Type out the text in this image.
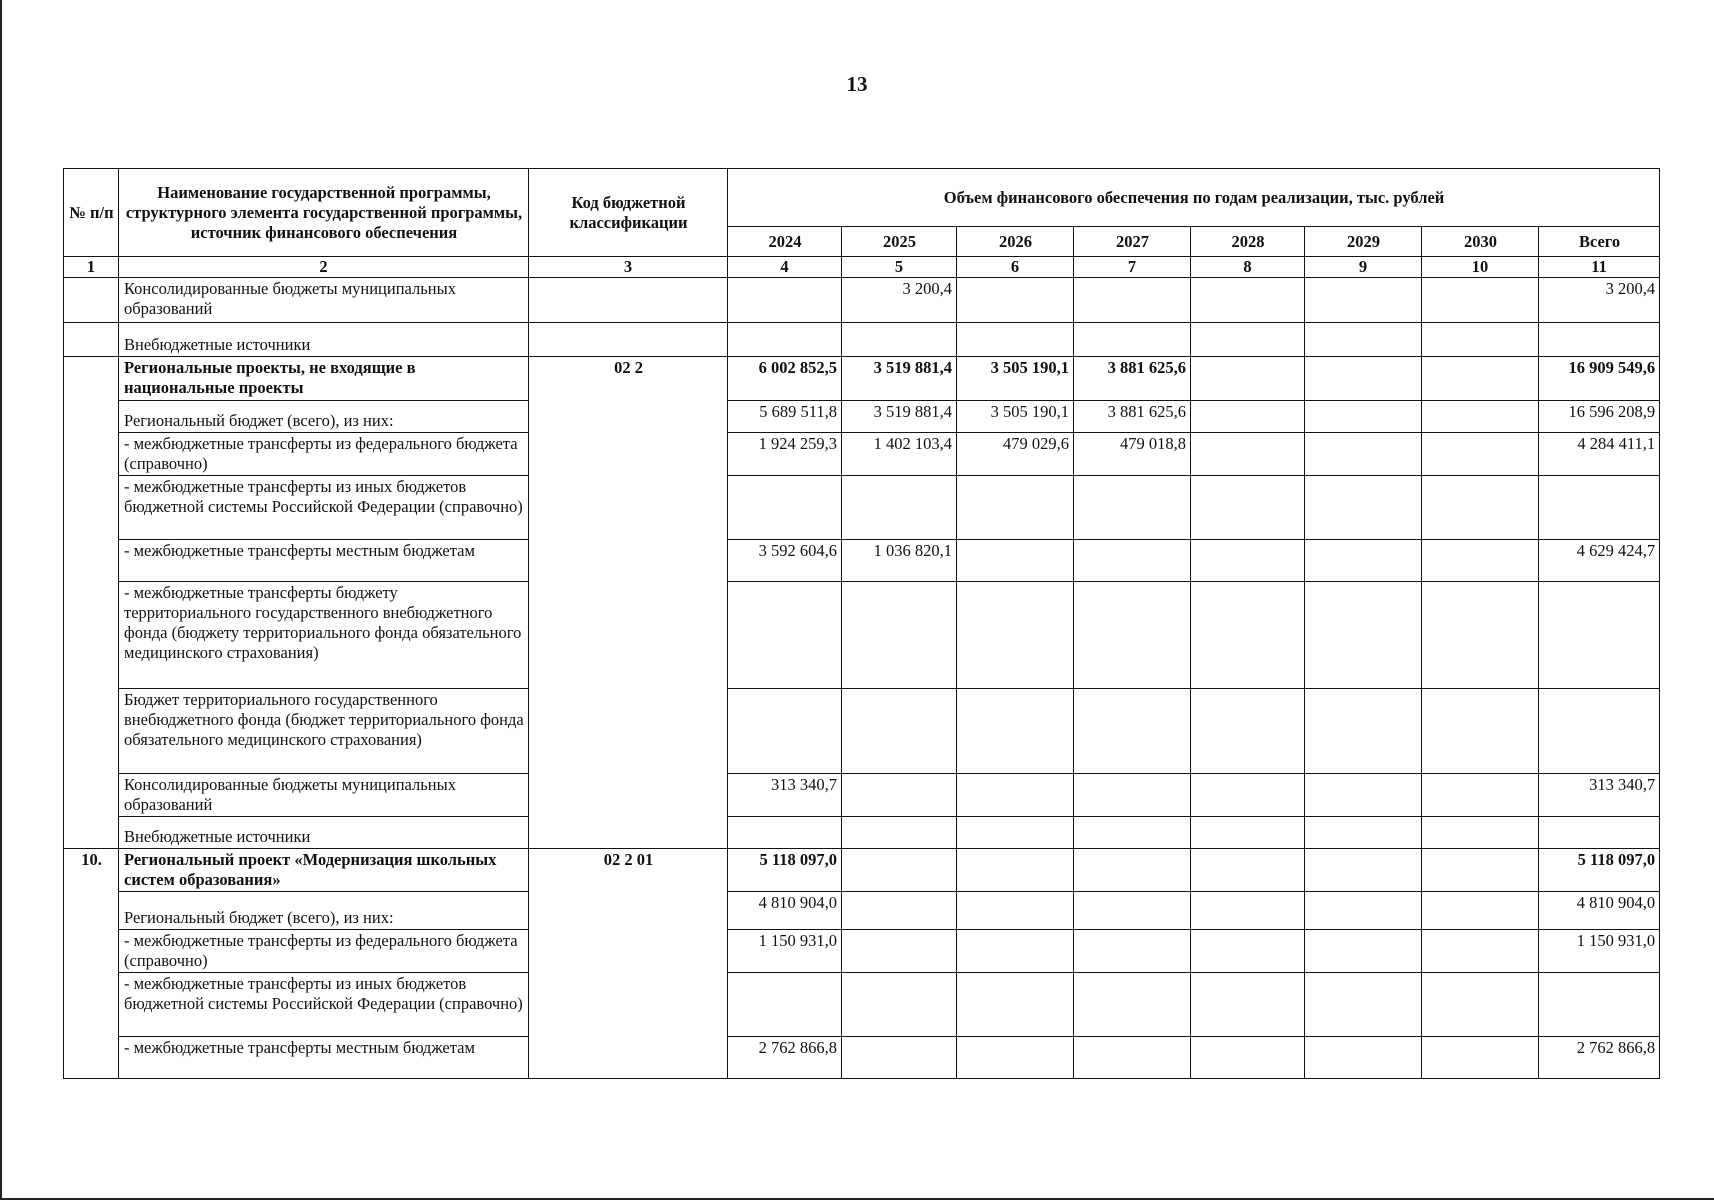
13
№ п/п	Наименование государственной программы, структурного элемента государственной программы, источник финансового обеспечения	Код бюджетной классификации	Объем финансового обеспечения по годам реализации, тыс. рублей							
			2024	2025	2026	2027	2028	2029	2030	Всего
1	2	3	4	5	6	7	8	9	10	11
	Консолидированные бюджеты муниципальных образований			3 200,4						3 200,4
	Внебюджетные источники									
	Региональные проекты, не входящие в национальные проекты	02 2	6 002 852,5	3 519 881,4	3 505 190,1	3 881 625,6				16 909 549,6
	Региональный бюджет (всего), из них:		5 689 511,8	3 519 881,4	3 505 190,1	3 881 625,6				16 596 208,9
	- межбюджетные трансферты из федерального бюджета (справочно)		1 924 259,3	1 402 103,4	479 029,6	479 018,8				4 284 411,1
	- межбюджетные трансферты из иных бюджетов бюджетной системы Российской Федерации (справочно)									
	- межбюджетные трансферты местным бюджетам		3 592 604,6	1 036 820,1						4 629 424,7
	- межбюджетные трансферты бюджету территориального государственного внебюджетного фонда (бюджету территориального фонда обязательного медицинского страхования)									
	Бюджет территориального государственного внебюджетного фонда (бюджет территориального фонда обязательного медицинского страхования)									
	Консолидированные бюджеты муниципальных образований		313 340,7							313 340,7
	Внебюджетные источники									
10.	Региональный проект «Модернизация школьных систем образования»	02 2 01	5 118 097,0							5 118 097,0
	Региональный бюджет (всего), из них:		4 810 904,0							4 810 904,0
	- межбюджетные трансферты из федерального бюджета (справочно)		1 150 931,0							1 150 931,0
	- межбюджетные трансферты из иных бюджетов бюджетной системы Российской Федерации (справочно)									
	- межбюджетные трансферты местным бюджетам		2 762 866,8							2 762 866,8
